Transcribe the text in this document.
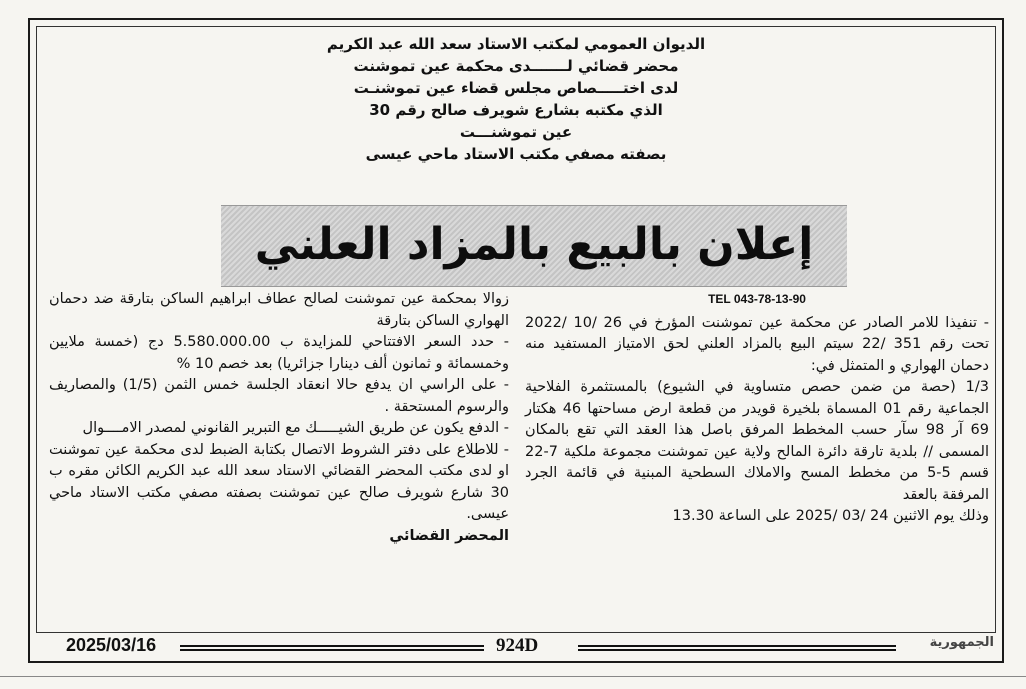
الديوان العمومي لمكتب الاستاد سعد الله عبد الكريم
محضر قضائي لـــــــدى محكمة عين تموشنت
لدى اختـــــصاص مجلس قضاء عين تموشنـت
الذي مكتبه بشارع شويرف صالح رقم 30
عين تموشنـــت
بصفته مصفي مكتب الاستاد ماحي عيسى
إعلان بالبيع بالمزاد العلني
TEL 043-78-13-90

- تنفيذا للامر الصادر عن محكمة عين تموشنت المؤرخ في 26 /10 /2022 تحت رقم 351 /22 سيتم البيع بالمزاد العلني لحق الامتياز المستفيد منه دحمان الهواري و المتمثل في:

1/3 (حصة من ضمن حصص متساوية في الشيوع) بالمستثمرة الفلاحية الجماعية رقم 01 المسماة بلخيرة قويدر من قطعة ارض مساحتها 46 هكتار 69 آر 98 سآر حسب المخطط المرفق باصل هذا العقد التي تقع بالمكان المسمى // بلدية تارقة دائرة المالح ولاية عين تموشنت مجموعة ملكية 7-22 قسم 5-5 من مخطط المسح والاملاك السطحية المبنية في قائمة الجرد المرفقة بالعقد

وذلك يوم الاثنين 24 /03 /2025 على الساعة 13.30

زوالا بمحكمة عين تموشنت لصالح عطاف ابراهيم الساكن بتارقة ضد دحمان الهواري الساكن بتارقة

- حدد السعر الافتتاحي للمزايدة ب 5.580.000.00 دج (خمسة ملايين وخمسمائة و ثمانون ألف دينارا جزائريا) بعد خصم 10 %

- على الراسي ان يدفع حالا انعقاد الجلسة خمس الثمن (1/5) والمصاريف والرسوم المستحقة .

- الدفع يكون عن طريق الشيـــــك مع التبرير القانوني لمصدر الامــــوال

- للاطلاع على دفتر الشروط الاتصال بكتابة الضبط لدى محكمة عين تموشنت او لدى مكتب المحضر القضائي الاستاد سعد الله عبد الكريم الكائن مقره ب 30 شارع شويرف صالح عين تموشنت بصفته مصفي مكتب الاستاد ماحي عيسى.

المحضر القضائي

2025/03/16	924D	الجمهورية
